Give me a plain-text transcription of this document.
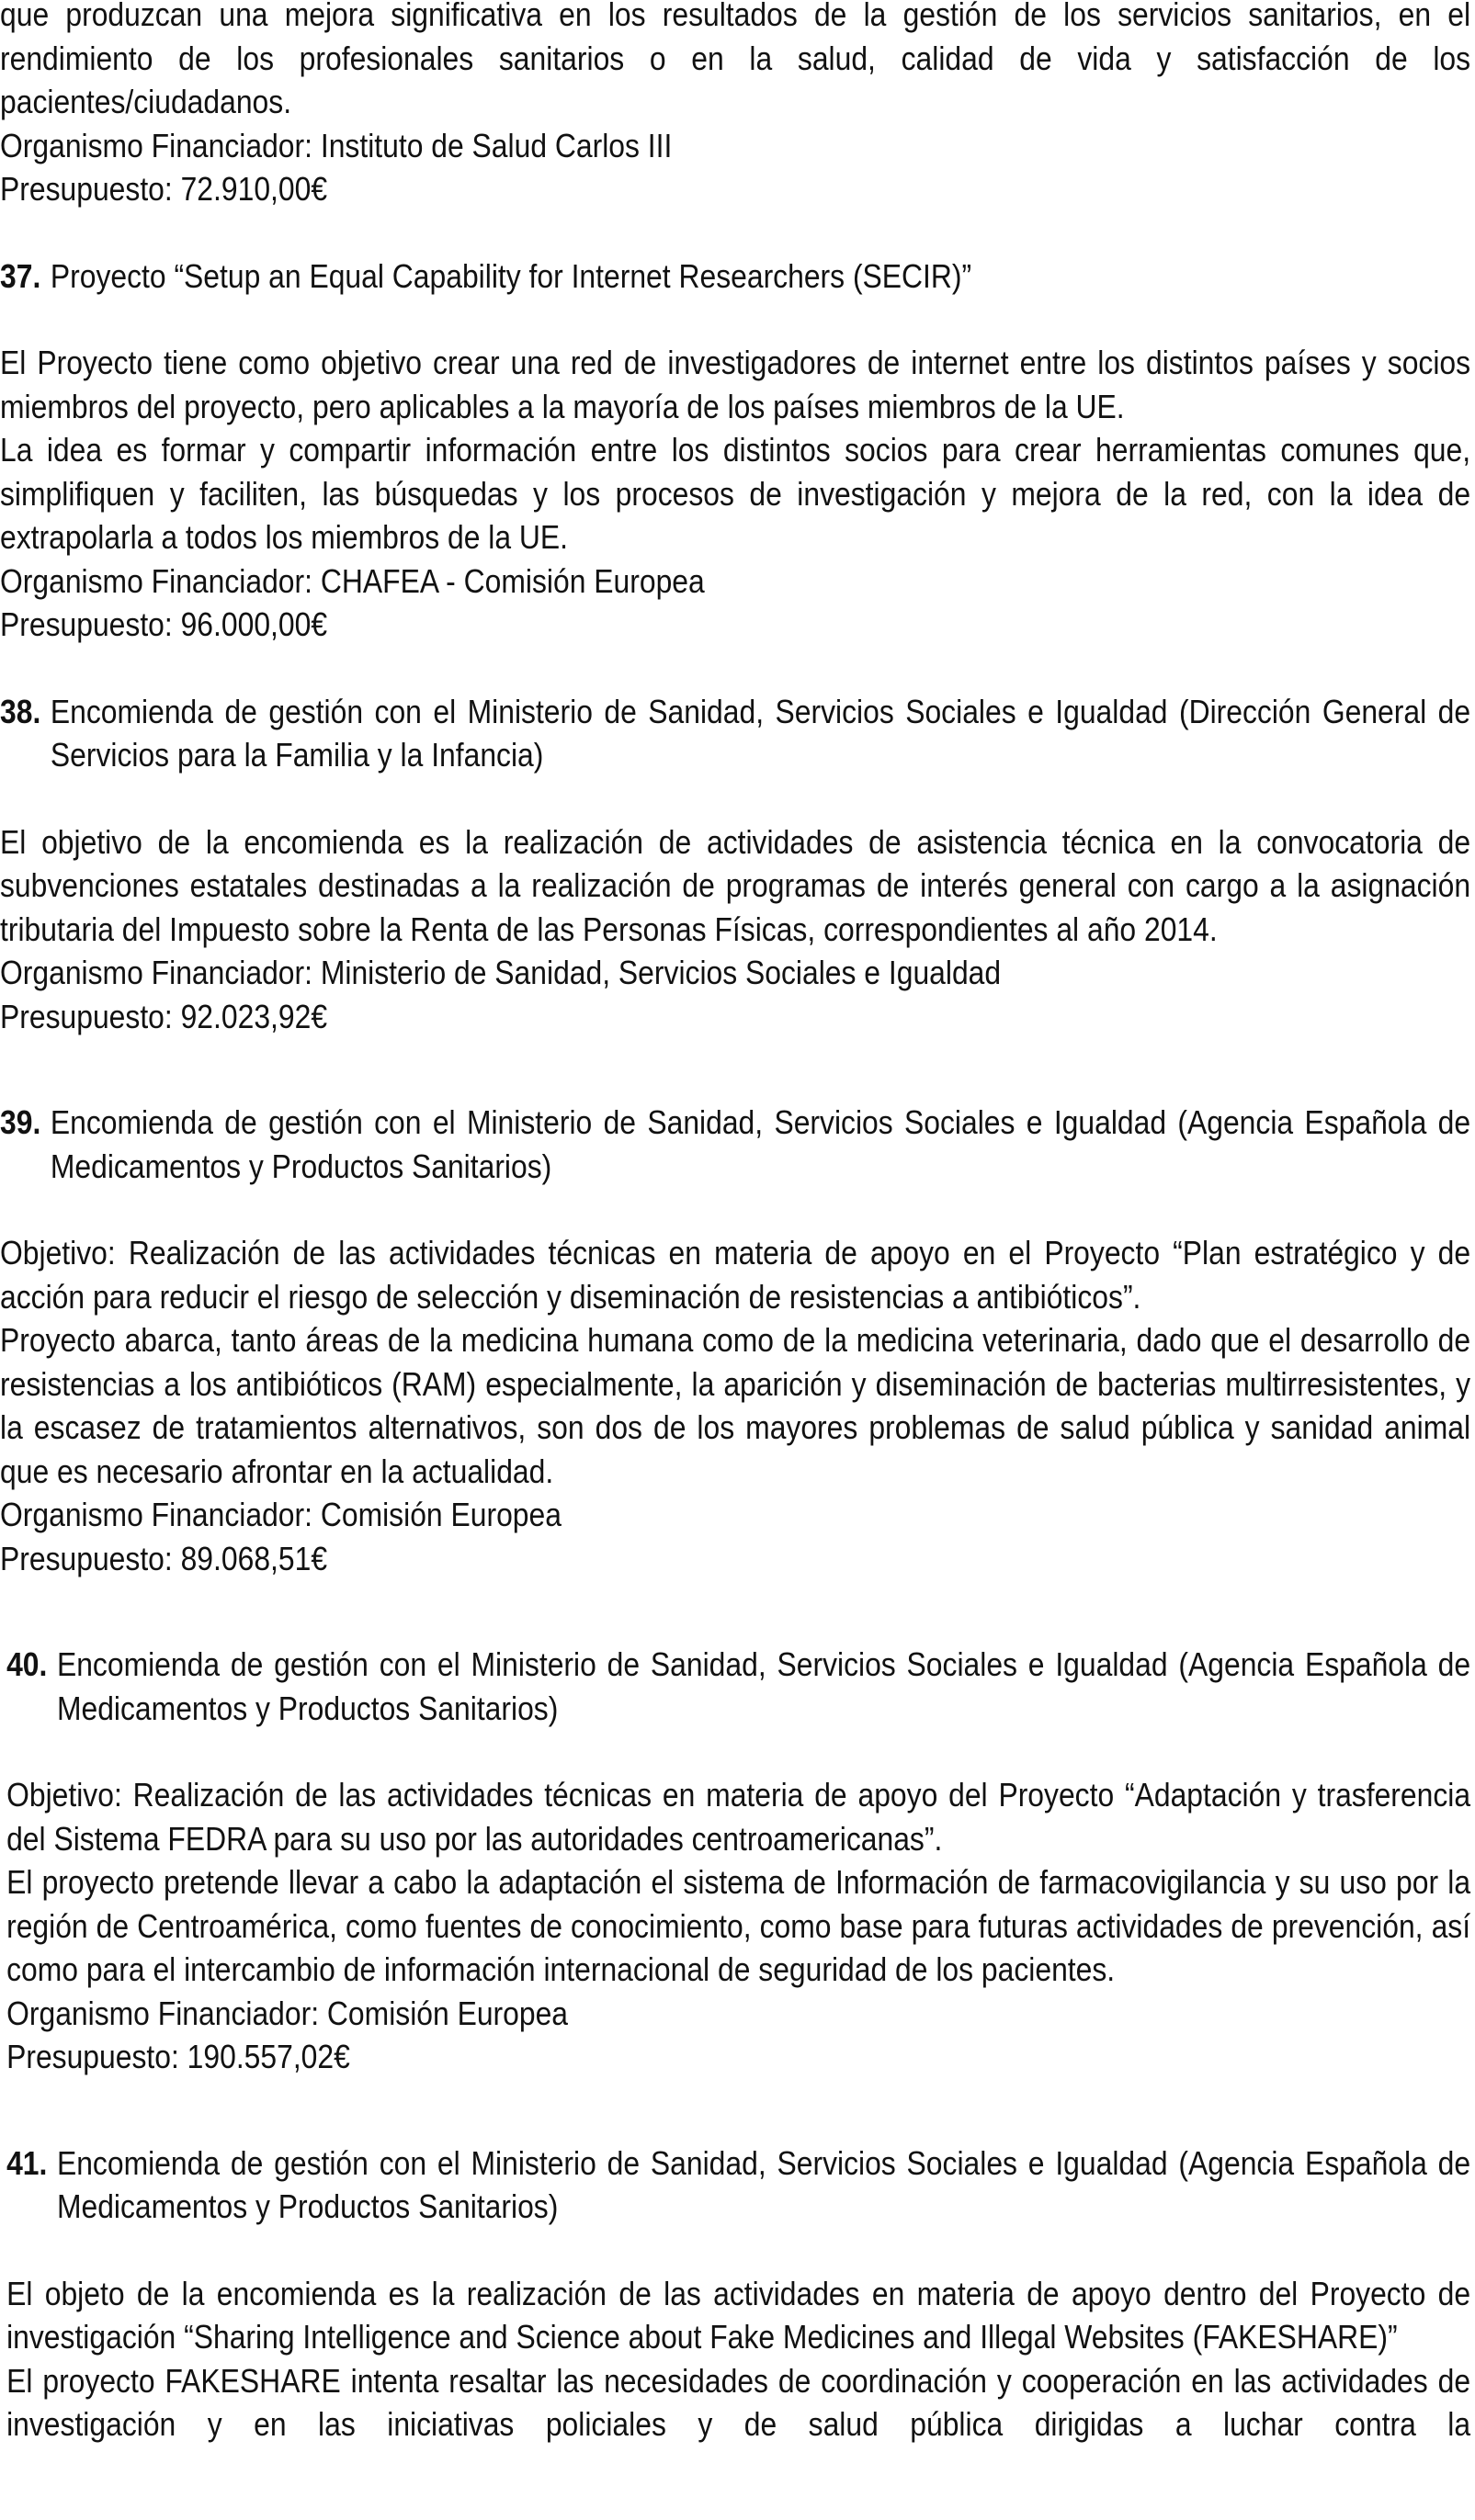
que produzcan una mejora significativa en los resultados de la gestión de los servicios sanitarios, en el rendimiento de los profesionales sanitarios o en la salud, calidad de vida y satisfacción de los pacientes/ciudadanos.

Organismo Financiador: Instituto de Salud Carlos III
Presupuesto: 72.910,00€
37. Proyecto “Setup an Equal Capability for Internet Researchers (SECIR)”

El Proyecto tiene como objetivo crear una red de investigadores de internet entre los distintos países y socios miembros del proyecto, pero aplicables a la mayoría de los países miembros de la UE.

La idea es formar y compartir información entre los distintos socios para crear herramientas comunes que, simplifiquen y faciliten, las búsquedas y los procesos de investigación y mejora de la red, con la idea de extrapolarla a todos los miembros de la UE.

Organismo Financiador: CHAFEA - Comisión Europea
Presupuesto: 96.000,00€
38. Encomienda de gestión con el Ministerio de Sanidad, Servicios Sociales e Igualdad (Dirección General de Servicios para la Familia y la Infancia)

El objetivo de la encomienda es la realización de actividades de asistencia técnica en la convocatoria de subvenciones estatales destinadas a la realización de programas de interés general con cargo a la asignación tributaria del Impuesto sobre la Renta de las Personas Físicas, correspondientes al año 2014.

Organismo Financiador: Ministerio de Sanidad, Servicios Sociales e Igualdad
Presupuesto: 92.023,92€
39. Encomienda de gestión con el Ministerio de Sanidad, Servicios Sociales e Igualdad (Agencia Española de Medicamentos y Productos Sanitarios)

Objetivo: Realización de las actividades técnicas en materia de apoyo en el Proyecto “Plan estratégico y de acción para reducir el riesgo de selección y diseminación de resistencias a antibióticos”.

Proyecto abarca, tanto áreas de la medicina humana como de la medicina veterinaria, dado que el desarrollo de resistencias a los antibióticos (RAM) especialmente, la aparición y diseminación de bacterias multirresistentes, y la escasez de tratamientos alternativos, son dos de los mayores problemas de salud pública y sanidad animal que es necesario afrontar en la actualidad.

Organismo Financiador: Comisión Europea
Presupuesto: 89.068,51€
40. Encomienda de gestión con el Ministerio de Sanidad, Servicios Sociales e Igualdad (Agencia Española de Medicamentos y Productos Sanitarios)

Objetivo: Realización de las actividades técnicas en materia de apoyo del Proyecto “Adaptación y trasferencia del Sistema FEDRA para su uso por las autoridades centroamericanas”.

El proyecto pretende llevar a cabo la adaptación el sistema de Información de farmacovigilancia y su uso por la región de Centroamérica, como fuentes de conocimiento, como base para futuras actividades de prevención, así como para el intercambio de información internacional de seguridad de los pacientes.

Organismo Financiador: Comisión Europea
Presupuesto: 190.557,02€
41. Encomienda de gestión con el Ministerio de Sanidad, Servicios Sociales e Igualdad (Agencia Española de Medicamentos y Productos Sanitarios)

El objeto de la encomienda es la realización de las actividades en materia de apoyo dentro del Proyecto de investigación “Sharing Intelligence and Science about Fake Medicines and Illegal Websites (FAKESHARE)”

El proyecto FAKESHARE intenta resaltar las necesidades de coordinación y cooperación en las actividades de investigación y en las iniciativas policiales y de salud pública dirigidas a luchar contra la
